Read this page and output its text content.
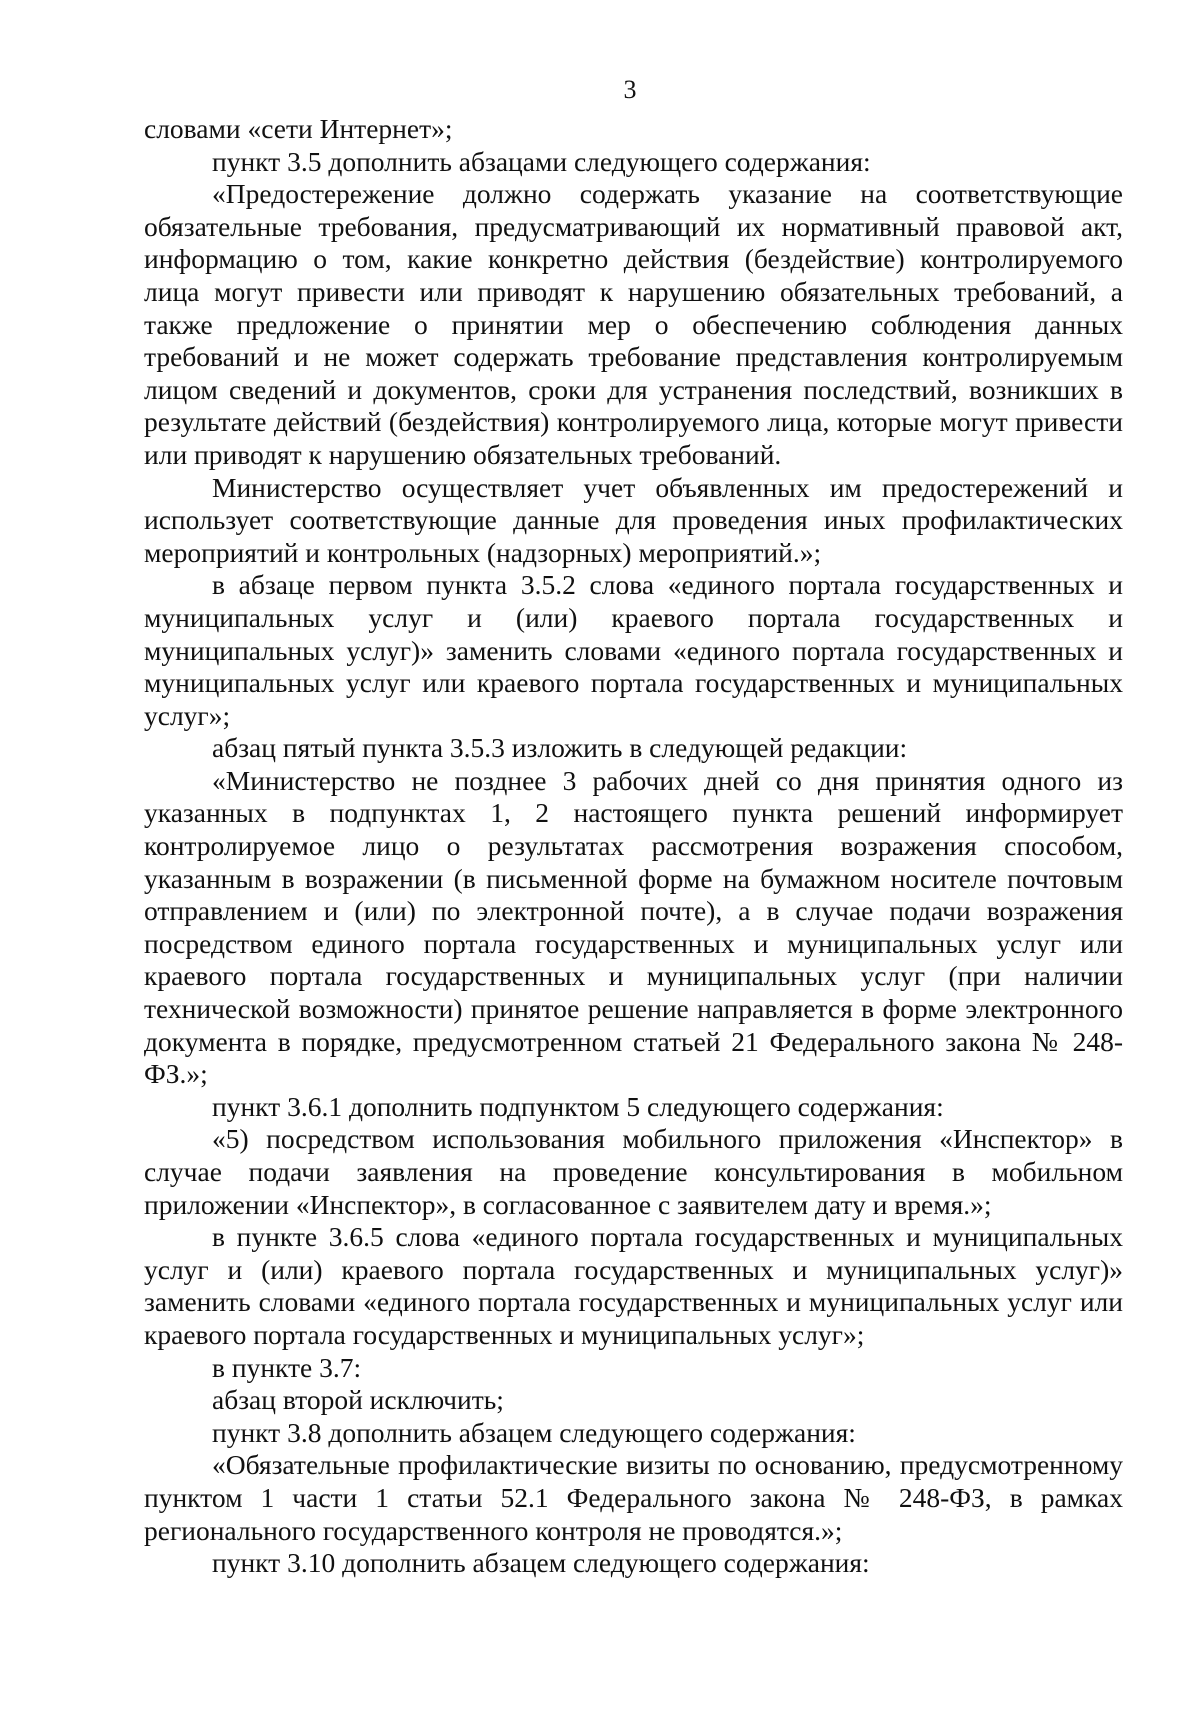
3

словами «сети Интернет»;

пункт 3.5 дополнить абзацами следующего содержания:

«Предостережение должно содержать указание на соответствующие обязательные требования, предусматривающий их нормативный правовой акт, информацию о том, какие конкретно действия (бездействие) контролируемого лица могут привести или приводят к нарушению обязательных требований, а также предложение о принятии мер о обеспечению соблюдения данных требований и не может содержать требование представления контролируемым лицом сведений и документов, сроки для устранения последствий, возникших в результате действий (бездействия) контролируемого лица, которые могут привести или приводят к нарушению обязательных требований.

Министерство осуществляет учет объявленных им предостережений и использует соответствующие данные для проведения иных профилактических мероприятий и контрольных (надзорных) мероприятий.»;

в абзаце первом пункта 3.5.2 слова «единого портала государственных и муниципальных услуг и (или) краевого портала государственных и муниципальных услуг)» заменить словами «единого портала государственных и муниципальных услуг или краевого портала государственных и муниципальных услуг»;

абзац пятый пункта 3.5.3 изложить в следующей редакции:

«Министерство не позднее 3 рабочих дней со дня принятия одного из указанных в подпунктах 1, 2 настоящего пункта решений информирует контролируемое лицо о результатах рассмотрения возражения способом, указанным в возражении (в письменной форме на бумажном носителе почтовым отправлением и (или) по электронной почте), а в случае подачи возражения посредством единого портала государственных и муниципальных услуг или краевого портала государственных и муниципальных услуг (при наличии технической возможности) принятое решение направляется в форме электронного документа в порядке, предусмотренном статьей 21 Федерального закона № 248-ФЗ.»;

пункт 3.6.1 дополнить подпунктом 5 следующего содержания:

«5) посредством использования мобильного приложения «Инспектор» в случае подачи заявления на проведение консультирования в мобильном приложении «Инспектор», в согласованное с заявителем дату и время.»;

в пункте 3.6.5 слова «единого портала государственных и муниципальных услуг и (или) краевого портала государственных и муниципальных услуг)» заменить словами «единого портала государственных и муниципальных услуг или краевого портала государственных и муниципальных услуг»;

в пункте 3.7:

абзац второй исключить;

пункт 3.8 дополнить абзацем следующего содержания:

«Обязательные профилактические визиты по основанию, предусмотренному пунктом 1 части 1 статьи 52.1 Федерального закона № 248-ФЗ, в рамках регионального государственного контроля не проводятся.»;

пункт 3.10 дополнить абзацем следующего содержания:
